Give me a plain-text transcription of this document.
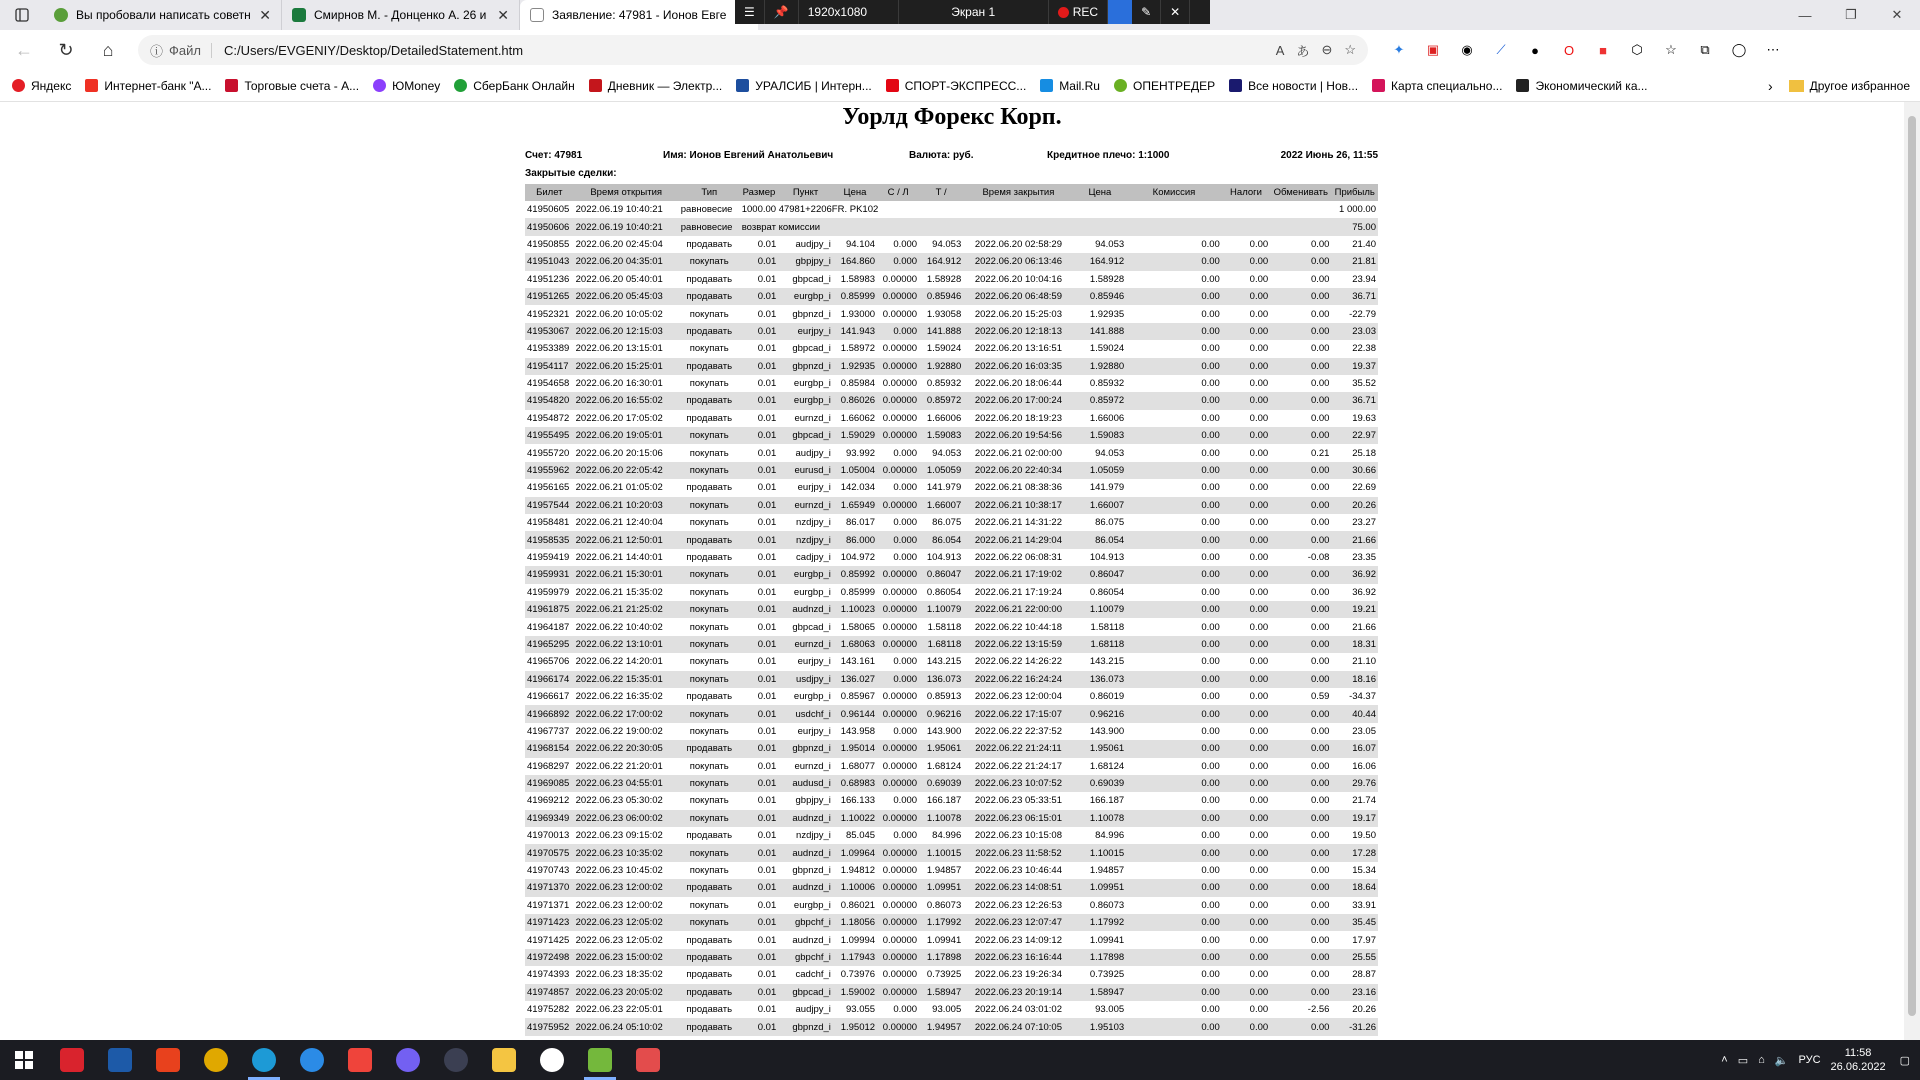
Вы пробовали написать советн ✕	Смирнов М. - Донценко А. 26 и ✕	Заявление: 47981 - Ионов Евге	—	❐	✕
☰	📌	1920x1080	Экран 1	REC	✎	✕
←	↻	⌂	ⓘ Файл	C:/Users/EVGENIY/Desktop/DetailedStatement.htm	A あ ⊖ ☆	✦	▣	◉	⟋	●	O	■	⬡	☆	⧉	◯	⋯
Яндекс	Интернет-банк "А...	Торговые счета - А...	ЮMoney	СберБанк Онлайн	Дневник — Электр...	УРАЛСИБ | Интерн...	СПОРТ-ЭКСПРЕСС...	Mail.Ru	ОПЕНТРЕДЕР	Все новости | Нов...	Карта специально...	Экономический ка...	›	Другое избранное
Уорлд Форекс Корп.
Счет: 47981	Имя: Ионов Евгений Анатольевич	Валюта: руб.	Кредитное плечо: 1:1000	2022 Июнь 26, 11:55
Закрытые сделки:
Билет	Время открытия	Тип	Размер	Пункт	Цена	С / Л	Т /	Время закрытия	Цена	Комиссия	Налоги	Обменивать	Прибыль
41950605	2022.06.19 10:40:21	равновесие	1000.00 47981+2206FR. PK102										1 000.00
41950606	2022.06.19 10:40:21	равновесие	возврат комиссии										75.00
41950855	2022.06.20 02:45:04	продавать	0.01	audjpy_i	94.104	0.000	94.053	2022.06.20 02:58:29	94.053	0.00	0.00	0.00	21.40
41951043	2022.06.20 04:35:01	покупать	0.01	gbpjpy_i	164.860	0.000	164.912	2022.06.20 06:13:46	164.912	0.00	0.00	0.00	21.81
41951236	2022.06.20 05:40:01	продавать	0.01	gbpcad_i	1.58983	0.00000	1.58928	2022.06.20 10:04:16	1.58928	0.00	0.00	0.00	23.94
41951265	2022.06.20 05:45:03	продавать	0.01	eurgbp_i	0.85999	0.00000	0.85946	2022.06.20 06:48:59	0.85946	0.00	0.00	0.00	36.71
41952321	2022.06.20 10:05:02	покупать	0.01	gbpnzd_i	1.93000	0.00000	1.93058	2022.06.20 15:25:03	1.92935	0.00	0.00	0.00	-22.79
41953067	2022.06.20 12:15:03	продавать	0.01	eurjpy_i	141.943	0.000	141.888	2022.06.20 12:18:13	141.888	0.00	0.00	0.00	23.03
41953389	2022.06.20 13:15:01	покупать	0.01	gbpcad_i	1.58972	0.00000	1.59024	2022.06.20 13:16:51	1.59024	0.00	0.00	0.00	22.38
41954117	2022.06.20 15:25:01	продавать	0.01	gbpnzd_i	1.92935	0.00000	1.92880	2022.06.20 16:03:35	1.92880	0.00	0.00	0.00	19.37
41954658	2022.06.20 16:30:01	покупать	0.01	eurgbp_i	0.85984	0.00000	0.85932	2022.06.20 18:06:44	0.85932	0.00	0.00	0.00	35.52
41954820	2022.06.20 16:55:02	продавать	0.01	eurgbp_i	0.86026	0.00000	0.85972	2022.06.20 17:00:24	0.85972	0.00	0.00	0.00	36.71
41954872	2022.06.20 17:05:02	продавать	0.01	eurnzd_i	1.66062	0.00000	1.66006	2022.06.20 18:19:23	1.66006	0.00	0.00	0.00	19.63
41955495	2022.06.20 19:05:01	покупать	0.01	gbpcad_i	1.59029	0.00000	1.59083	2022.06.20 19:54:56	1.59083	0.00	0.00	0.00	22.97
41955720	2022.06.20 20:15:06	покупать	0.01	audjpy_i	93.992	0.000	94.053	2022.06.21 02:00:00	94.053	0.00	0.00	0.21	25.18
41955962	2022.06.20 22:05:42	покупать	0.01	eurusd_i	1.05004	0.00000	1.05059	2022.06.20 22:40:34	1.05059	0.00	0.00	0.00	30.66
41956165	2022.06.21 01:05:02	продавать	0.01	eurjpy_i	142.034	0.000	141.979	2022.06.21 08:38:36	141.979	0.00	0.00	0.00	22.69
41957544	2022.06.21 10:20:03	покупать	0.01	eurnzd_i	1.65949	0.00000	1.66007	2022.06.21 10:38:17	1.66007	0.00	0.00	0.00	20.26
41958481	2022.06.21 12:40:04	покупать	0.01	nzdjpy_i	86.017	0.000	86.075	2022.06.21 14:31:22	86.075	0.00	0.00	0.00	23.27
41958535	2022.06.21 12:50:01	продавать	0.01	nzdjpy_i	86.000	0.000	86.054	2022.06.21 14:29:04	86.054	0.00	0.00	0.00	21.66
41959419	2022.06.21 14:40:01	продавать	0.01	cadjpy_i	104.972	0.000	104.913	2022.06.22 06:08:31	104.913	0.00	0.00	-0.08	23.35
41959931	2022.06.21 15:30:01	покупать	0.01	eurgbp_i	0.85992	0.00000	0.86047	2022.06.21 17:19:02	0.86047	0.00	0.00	0.00	36.92
41959979	2022.06.21 15:35:02	покупать	0.01	eurgbp_i	0.85999	0.00000	0.86054	2022.06.21 17:19:24	0.86054	0.00	0.00	0.00	36.92
41961875	2022.06.21 21:25:02	покупать	0.01	audnzd_i	1.10023	0.00000	1.10079	2022.06.21 22:00:00	1.10079	0.00	0.00	0.00	19.21
41964187	2022.06.22 10:40:02	покупать	0.01	gbpcad_i	1.58065	0.00000	1.58118	2022.06.22 10:44:18	1.58118	0.00	0.00	0.00	21.66
41965295	2022.06.22 13:10:01	покупать	0.01	eurnzd_i	1.68063	0.00000	1.68118	2022.06.22 13:15:59	1.68118	0.00	0.00	0.00	18.31
41965706	2022.06.22 14:20:01	покупать	0.01	eurjpy_i	143.161	0.000	143.215	2022.06.22 14:26:22	143.215	0.00	0.00	0.00	21.10
41966174	2022.06.22 15:35:01	покупать	0.01	usdjpy_i	136.027	0.000	136.073	2022.06.22 16:24:24	136.073	0.00	0.00	0.00	18.16
41966617	2022.06.22 16:35:02	продавать	0.01	eurgbp_i	0.85967	0.00000	0.85913	2022.06.23 12:00:04	0.86019	0.00	0.00	0.59	-34.37
41966892	2022.06.22 17:00:02	покупать	0.01	usdchf_i	0.96144	0.00000	0.96216	2022.06.22 17:15:07	0.96216	0.00	0.00	0.00	40.44
41967737	2022.06.22 19:00:02	покупать	0.01	eurjpy_i	143.958	0.000	143.900	2022.06.22 22:37:52	143.900	0.00	0.00	0.00	23.05
41968154	2022.06.22 20:30:05	продавать	0.01	gbpnzd_i	1.95014	0.00000	1.95061	2022.06.22 21:24:11	1.95061	0.00	0.00	0.00	16.07
41968297	2022.06.22 21:20:01	покупать	0.01	eurnzd_i	1.68077	0.00000	1.68124	2022.06.22 21:24:17	1.68124	0.00	0.00	0.00	16.06
41969085	2022.06.23 04:55:01	покупать	0.01	audusd_i	0.68983	0.00000	0.69039	2022.06.23 10:07:52	0.69039	0.00	0.00	0.00	29.76
41969212	2022.06.23 05:30:02	покупать	0.01	gbpjpy_i	166.133	0.000	166.187	2022.06.23 05:33:51	166.187	0.00	0.00	0.00	21.74
41969349	2022.06.23 06:00:02	покупать	0.01	audnzd_i	1.10022	0.00000	1.10078	2022.06.23 06:15:01	1.10078	0.00	0.00	0.00	19.17
41970013	2022.06.23 09:15:02	продавать	0.01	nzdjpy_i	85.045	0.000	84.996	2022.06.23 10:15:08	84.996	0.00	0.00	0.00	19.50
41970575	2022.06.23 10:35:02	покупать	0.01	audnzd_i	1.09964	0.00000	1.10015	2022.06.23 11:58:52	1.10015	0.00	0.00	0.00	17.28
41970743	2022.06.23 10:45:02	покупать	0.01	gbpnzd_i	1.94812	0.00000	1.94857	2022.06.23 10:46:44	1.94857	0.00	0.00	0.00	15.34
41971370	2022.06.23 12:00:02	продавать	0.01	audnzd_i	1.10006	0.00000	1.09951	2022.06.23 14:08:51	1.09951	0.00	0.00	0.00	18.64
41971371	2022.06.23 12:00:02	покупать	0.01	eurgbp_i	0.86021	0.00000	0.86073	2022.06.23 12:26:53	0.86073	0.00	0.00	0.00	33.91
41971423	2022.06.23 12:05:02	покупать	0.01	gbpchf_i	1.18056	0.00000	1.17992	2022.06.23 12:07:47	1.17992	0.00	0.00	0.00	35.45
41971425	2022.06.23 12:05:02	продавать	0.01	audnzd_i	1.09994	0.00000	1.09941	2022.06.23 14:09:12	1.09941	0.00	0.00	0.00	17.97
41972498	2022.06.23 15:00:02	продавать	0.01	gbpchf_i	1.17943	0.00000	1.17898	2022.06.23 16:16:44	1.17898	0.00	0.00	0.00	25.55
41974393	2022.06.23 18:35:02	продавать	0.01	cadchf_i	0.73976	0.00000	0.73925	2022.06.23 19:26:34	0.73925	0.00	0.00	0.00	28.87
41974857	2022.06.23 20:05:02	продавать	0.01	gbpcad_i	1.59002	0.00000	1.58947	2022.06.23 20:19:14	1.58947	0.00	0.00	0.00	23.16
41975282	2022.06.23 22:05:01	продавать	0.01	audjpy_i	93.055	0.000	93.005	2022.06.24 03:01:02	93.005	0.00	0.00	-2.56	20.26
41975952	2022.06.24 05:10:02	продавать	0.01	gbpnzd_i	1.95012	0.00000	1.94957	2022.06.24 07:10:05	1.95103	0.00	0.00	0.00	-31.26
˄ ▭ ⌂ 🔈 РУС
11:58
26.06.2022
▢
